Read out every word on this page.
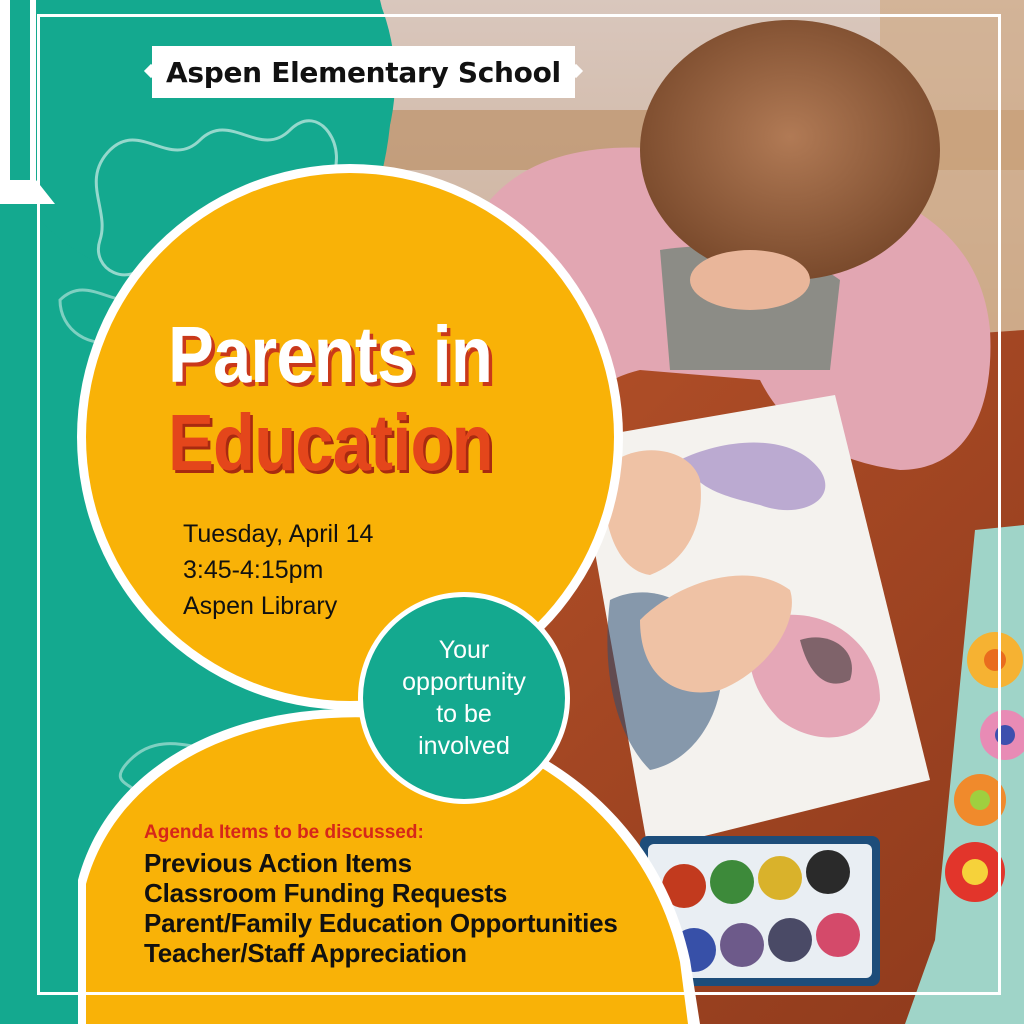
Aspen Elementary School
Parents in
Education
Tuesday, April 14
3:45-4:15pm
Aspen Library
Your
opportunity
to be
involved
Agenda Items to be discussed:
Previous Action Items
Classroom Funding Requests
Parent/Family Education Opportunities
Teacher/Staff Appreciation
